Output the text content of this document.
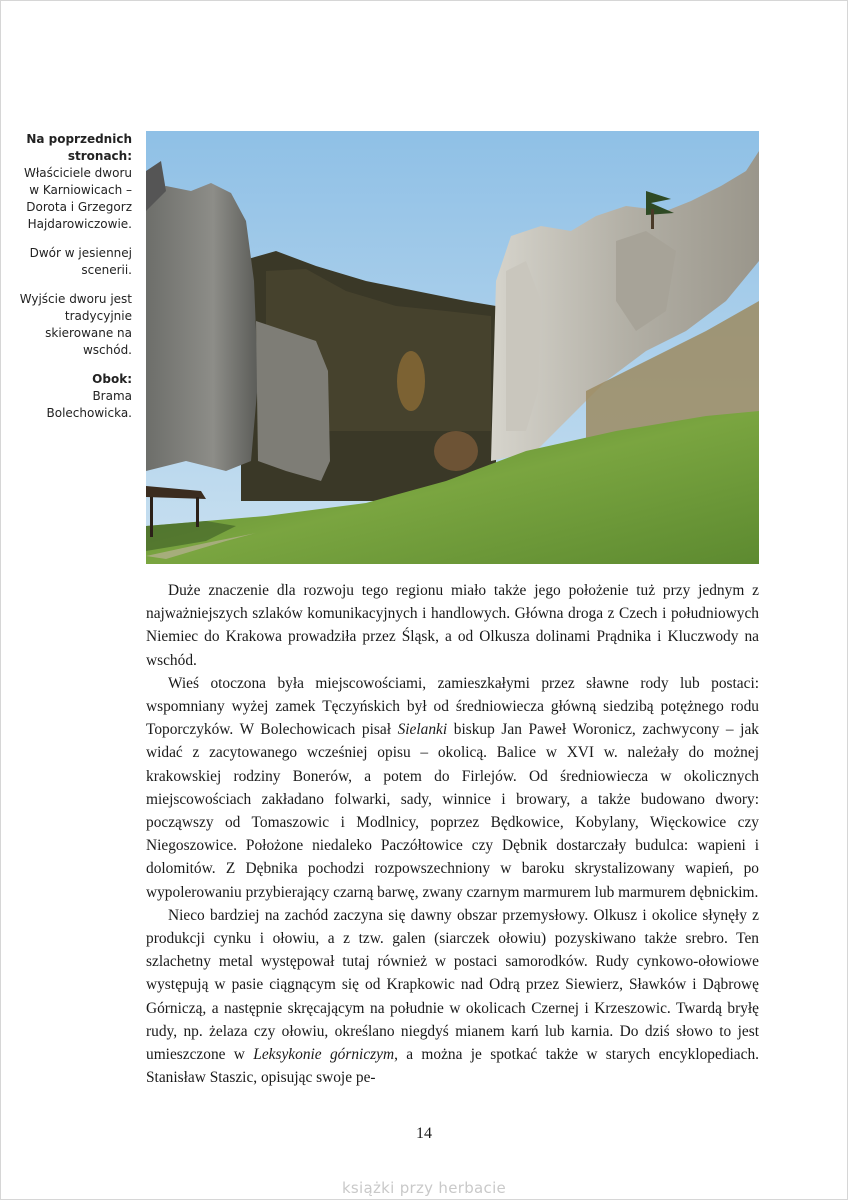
Na poprzednich stronach:
Właściciele dworu w Karniowicach – Dorota i Grzegorz Hajdarowiczowie.

Dwór w jesiennej scenerii.

Wyjście dworu jest tradycyjnie skierowane na wschód.

Obok:
Brama Bolechowicka.

Duże znaczenie dla rozwoju tego regionu miało także jego położenie tuż przy jednym z najważniejszych szlaków komunikacyjnych i handlowych. Główna droga z Czech i południowych Niemiec do Krakowa prowadziła przez Śląsk, a od Olkusza dolinami Prądnika i Kluczwody na wschód.

Wieś otoczona była miejscowościami, zamieszkałymi przez sławne rody lub postaci: wspomniany wyżej zamek Tęczyńskich był od średniowiecza główną siedzibą potężnego rodu Toporczyków. W Bolechowicach pisał Sielanki biskup Jan Paweł Woronicz, zachwycony – jak widać z zacytowanego wcześniej opisu – okolicą. Balice w XVI w. należały do możnej krakowskiej rodziny Bonerów, a potem do Firlejów. Od średniowiecza w okolicznych miejscowościach zakładano folwarki, sady, winnice i browary, a także budowano dwory: począwszy od Tomaszowic i Modlnicy, poprzez Będkowice, Kobylany, Więckowice czy Niegoszowice. Położone niedaleko Paczółtowice czy Dębnik dostarczały budulca: wapieni i dolomitów. Z Dębnika pochodzi rozpowszechniony w baroku skrystalizowany wapień, po wypolerowaniu przybierający czarną barwę, zwany czarnym marmurem lub marmurem dębnickim.

Nieco bardziej na zachód zaczyna się dawny obszar przemysłowy. Olkusz i okolice słynęły z produkcji cynku i ołowiu, a z tzw. galen (siarczek ołowiu) pozyskiwano także srebro. Ten szlachetny metal występował tutaj również w postaci samorodków. Rudy cynkowo-ołowiowe występują w pasie ciągnącym się od Krapkowic nad Odrą przez Siewierz, Sławków i Dąbrowę Górniczą, a następnie skręcającym na południe w okolicach Czernej i Krzeszowic. Twardą bryłę rudy, np. żelaza czy ołowiu, określano niegdyś mianem karń lub karnia. Do dziś słowo to jest umieszczone w Leksykonie górniczym, a można je spotkać także w starych encyklopediach. Stanisław Staszic, opisując swoje pe-

14
książki przy herbacie
